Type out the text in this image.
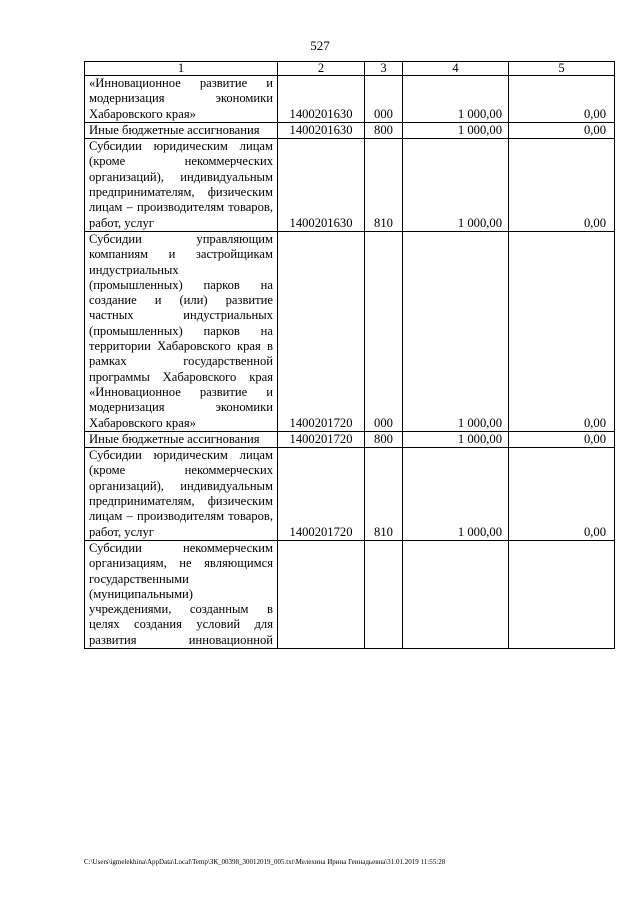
527
1	2	3	4	5
«Инновационное развитие и модернизация экономики Хабаровского края»	1400201630	000	1 000,00	0,00
Иные бюджетные ассигнования	1400201630	800	1 000,00	0,00
Субсидии юридическим лицам (кроме некоммерческих организаций), индивидуальным предпринимателям, физическим лицам – производителям товаров, работ, услуг	1400201630	810	1 000,00	0,00
Субсидии управляющим компаниям и застройщикам индустриальных (промышленных) парков на создание и (или) развитие частных индустриальных (промышленных) парков на территории Хабаровского края в рамках государственной программы Хабаровского края «Инновационное развитие и модернизация экономики Хабаровского края»	1400201720	000	1 000,00	0,00
Иные бюджетные ассигнования	1400201720	800	1 000,00	0,00
Субсидии юридическим лицам (кроме некоммерческих организаций), индивидуальным предпринимателям, физическим лицам – производителям товаров, работ, услуг	1400201720	810	1 000,00	0,00
Субсидии некоммерческим организациям, не являющимся государственными (муниципальными) учреждениями, созданным в целях создания условий для развития инновационной				
C:\Users\igmelekhina\AppData\Local\Temp\ЗК_00398_30012019_005.txt\Мелехина Ирина Геннадьевна\31.01.2019 11:55:28
